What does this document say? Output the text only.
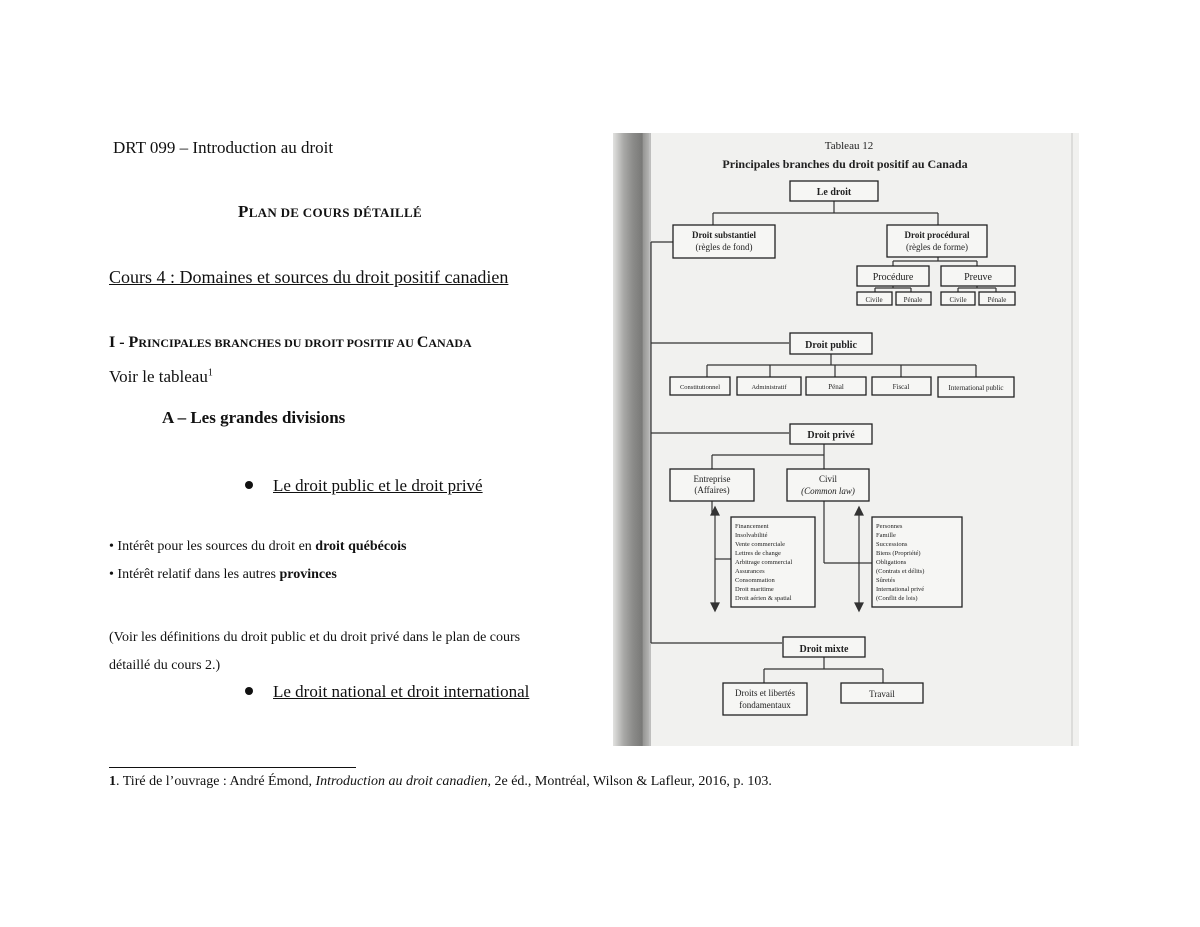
DRT 099 – Introduction au droit
PLAN DE COURS DÉTAILLÉ
Cours 4 : Domaines et sources du droit positif canadien
I - PRINCIPALES BRANCHES DU DROIT POSITIF AU CANADA
Voir le tableau$^1$
A – Les grandes divisions
Le droit public et le droit privé
• Intérêt pour les sources du droit en droit québécois
• Intérêt relatif dans les autres provinces
(Voir les définitions du droit public et du droit privé dans le plan de cours
détaillé du cours 2.)
Le droit national et droit international
1. Tiré de l’ouvrage : André Émond, Introduction au droit canadien, 2e éd., Montréal, Wilson & Lafleur, 2016, p. 103.
Tableau 12
Principales branches du droit positif au Canada
Le droit
Droit substantiel
(règles de fond)
Droit procédural
(règles de forme)
Procédure	Preuve
Civile	Pénale	Civile	Pénale
Droit public
Constitutionnel	Administratif	Pénal	Fiscal	International public
Droit privé
Entreprise
(Affaires)
Civil
(Common law)
Droit mixte
Droits et libertés
fondamentaux
Travail
Financement
Insolvabilité
Vente commerciale
Lettres de change
Arbitrage commercial
Assurances
Consommation
Droit maritime
Droit aérien & spatial
Personnes
Famille
Successions
Biens (Propriété)
Obligations
(Contrats et délits)
Sûretés
International privé
(Conflit de lois)
